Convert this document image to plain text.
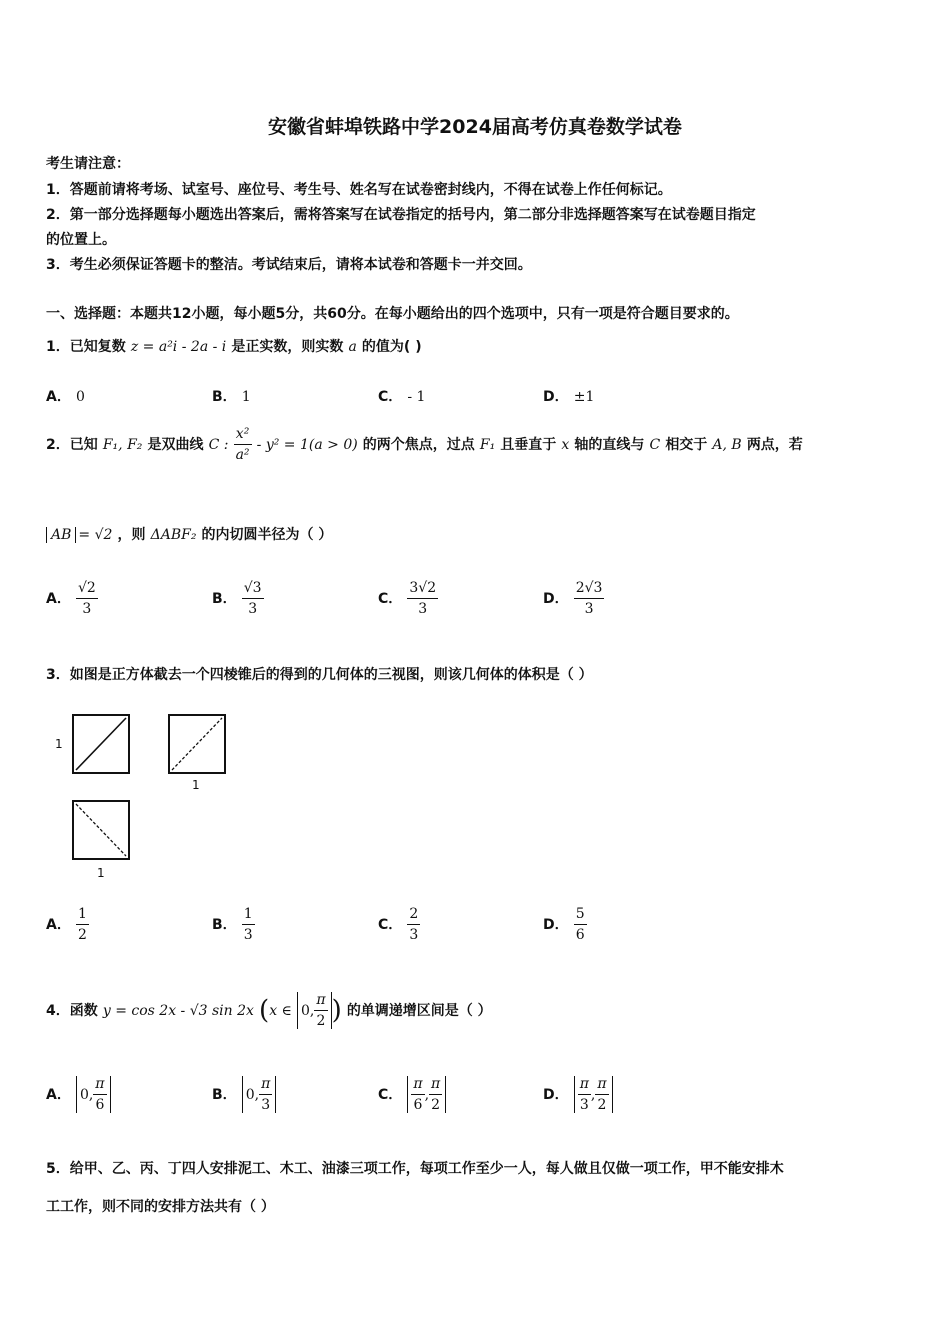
安徽省蚌埠铁路中学2024届高考仿真卷数学试卷
考生请注意：
1．答题前请将考场、试室号、座位号、考生号、姓名写在试卷密封线内，不得在试卷上作任何标记。
2．第一部分选择题每小题选出答案后，需将答案写在试卷指定的括号内，第二部分非选择题答案写在试卷题目指定
的位置上。
3．考生必须保证答题卡的整洁。考试结束后，请将本试卷和答题卡一并交回。
一、选择题：本题共12小题，每小题5分，共60分。在每小题给出的四个选项中，只有一项是符合题目要求的。
1．已知复数 z = a²i - 2a - i 是正实数，则实数 a 的值为( )
A． 0	B． 1	C． - 1	D． ±1
2．已知 F₁, F₂ 是双曲线 C : $\frac{\text{x²}}{\text{a²}} - y^2 = 1(a > 0)$ 的两个焦点，过点 F₁ 且垂直于 x 轴的直线与 C 相交于 A, B 两点，若
AB = √2 ，则 ΔABF₂ 的内切圆半径为（ ）
A． $\frac{√2}{3}$	B． $\frac{√3}{3}$	C． $\frac{3√2}{3}$	D． $\frac{2√3}{3}$
3．如图是正方体截去一个四棱锥后的得到的几何体的三视图，则该几何体的体积是（ ）
1
1
1
A． $\frac{1}{2}$	B． $\frac{1}{3}$	C． $\frac{2}{3}$	D． $\frac{5}{6}$
4．函数 y = cos 2x - √3 sin 2x (x ∈ 0, $\frac{\pi}{2}$ ) 的单调递增区间是（ ）
A． 0, $\frac{\pi}{6}$	B． 0, $\frac{\pi}{3}$	C． $\frac{\pi}{6}$ , $\frac{\pi}{2}$	D． $\frac{\pi}{3}$ , $\frac{\pi}{2}$
5．给甲、乙、丙、丁四人安排泥工、木工、油漆三项工作，每项工作至少一人，每人做且仅做一项工作，甲不能安排木
工工作，则不同的安排方法共有（ ）
